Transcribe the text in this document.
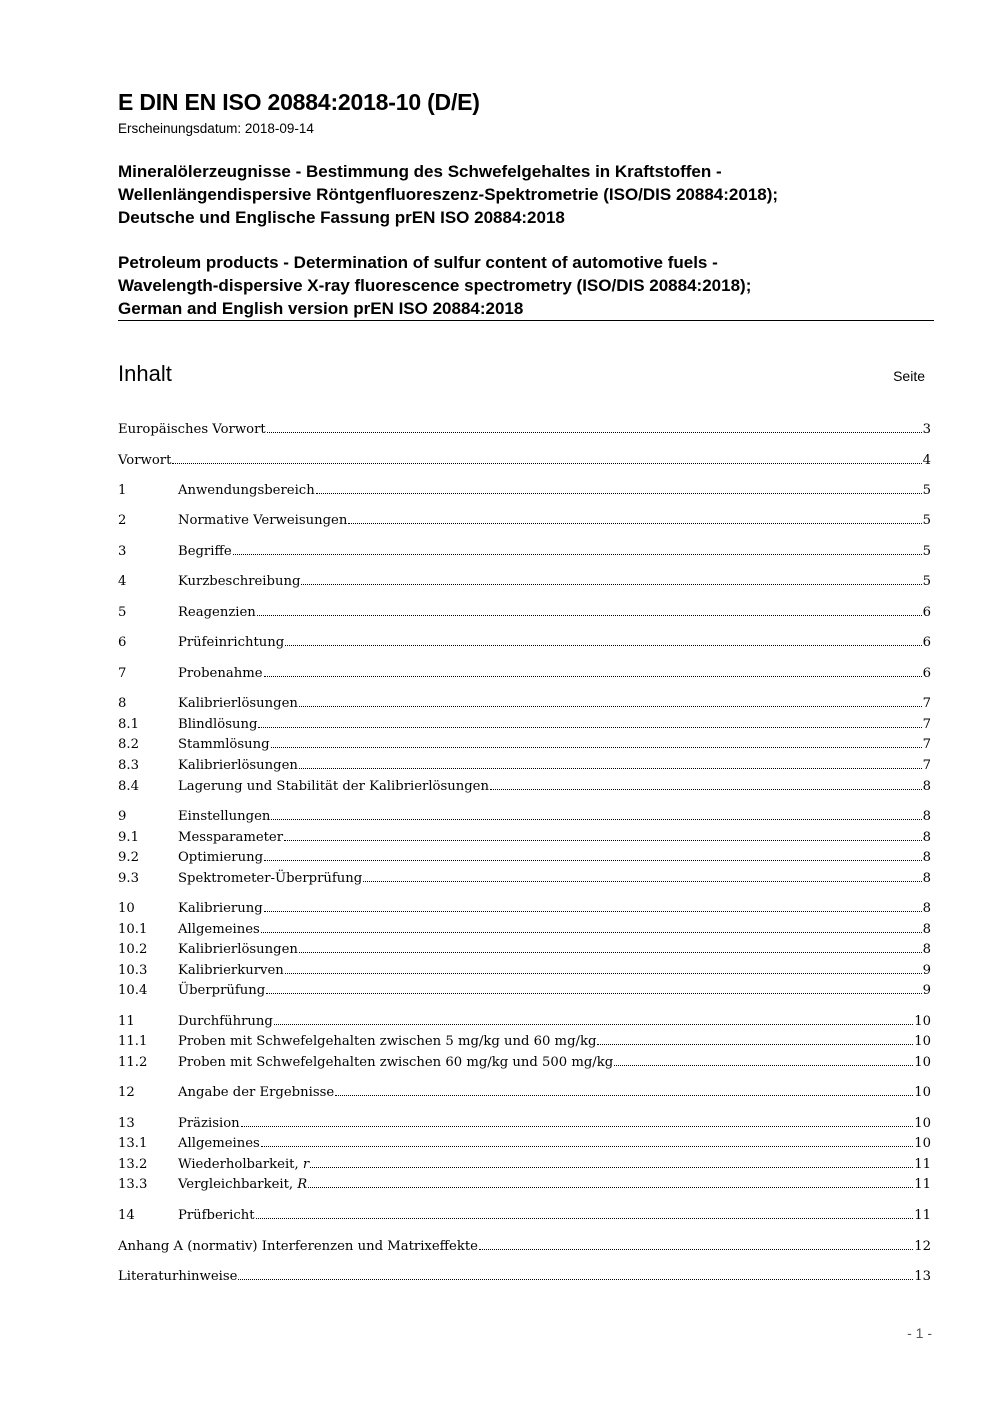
E DIN EN ISO 20884:2018-10 (D/E)
Erscheinungsdatum: 2018-09-14
Mineralölerzeugnisse - Bestimmung des Schwefelgehaltes in Kraftstoffen -
Wellenlängendispersive Röntgenfluoreszenz-Spektrometrie (ISO/DIS 20884:2018);
Deutsche und Englische Fassung prEN ISO 20884:2018
Petroleum products - Determination of sulfur content of automotive fuels -
Wavelength-dispersive X-ray fluorescence spectrometry (ISO/DIS 20884:2018);
German and English version prEN ISO 20884:2018
Inhalt	Seite
Europäisches Vorwort	3
Vorwort	4
1	Anwendungsbereich	5
2	Normative Verweisungen	5
3	Begriffe	5
4	Kurzbeschreibung	5
5	Reagenzien	6
6	Prüfeinrichtung	6
7	Probenahme	6
8	Kalibrierlösungen	7
8.1	Blindlösung	7
8.2	Stammlösung	7
8.3	Kalibrierlösungen	7
8.4	Lagerung und Stabilität der Kalibrierlösungen	8
9	Einstellungen	8
9.1	Messparameter	8
9.2	Optimierung	8
9.3	Spektrometer-Überprüfung	8
10	Kalibrierung	8
10.1	Allgemeines	8
10.2	Kalibrierlösungen	8
10.3	Kalibrierkurven	9
10.4	Überprüfung	9
11	Durchführung	10
11.1	Proben mit Schwefelgehalten zwischen 5 mg/kg und 60 mg/kg	10
11.2	Proben mit Schwefelgehalten zwischen 60 mg/kg und 500 mg/kg	10
12	Angabe der Ergebnisse	10
13	Präzision	10
13.1	Allgemeines	10
13.2	Wiederholbarkeit, r	11
13.3	Vergleichbarkeit, R	11
14	Prüfbericht	11
Anhang A (normativ) Interferenzen und Matrixeffekte	12
Literaturhinweise	13
- 1 -
